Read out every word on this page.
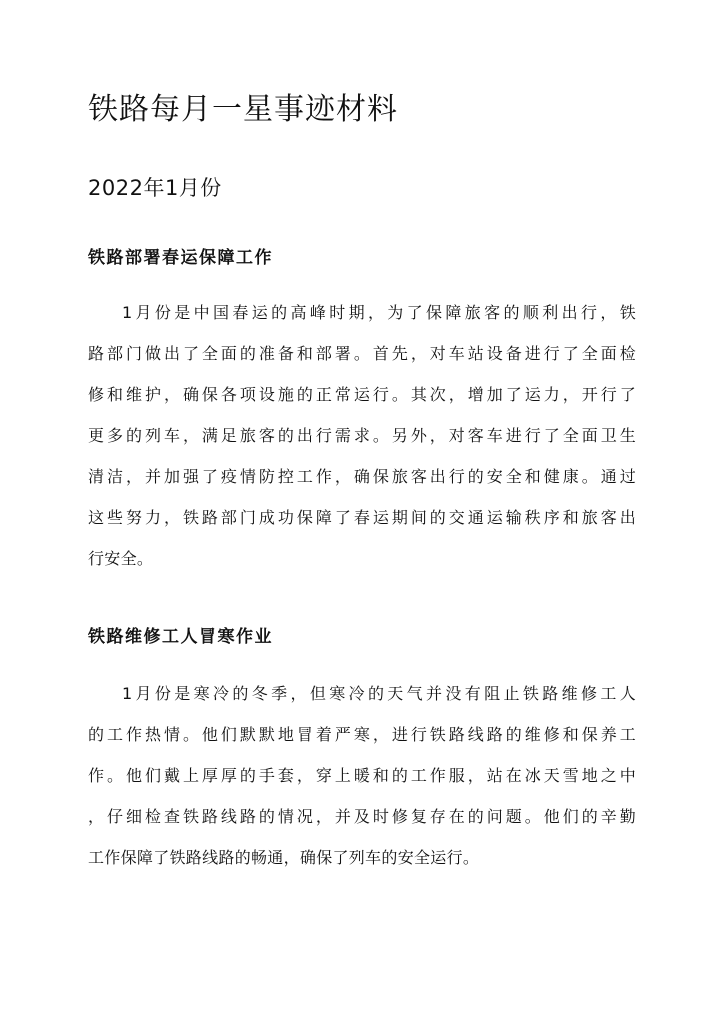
铁路每月一星事迹材料
2022年1月份
铁路部署春运保障工作
1月份是中国春运的高峰时期，为了保障旅客的顺利出行，铁
路部门做出了全面的准备和部署。首先，对车站设备进行了全面检
修和维护，确保各项设施的正常运行。其次，增加了运力，开行了
更多的列车，满足旅客的出行需求。另外，对客车进行了全面卫生
清洁，并加强了疫情防控工作，确保旅客出行的安全和健康。通过
这些努力，铁路部门成功保障了春运期间的交通运输秩序和旅客出
行安全。
铁路维修工人冒寒作业
1月份是寒冷的冬季，但寒冷的天气并没有阻止铁路维修工人
的工作热情。他们默默地冒着严寒，进行铁路线路的维修和保养工
作。他们戴上厚厚的手套，穿上暖和的工作服，站在冰天雪地之中
，仔细检查铁路线路的情况，并及时修复存在的问题。他们的辛勤
工作保障了铁路线路的畅通，确保了列车的安全运行。
